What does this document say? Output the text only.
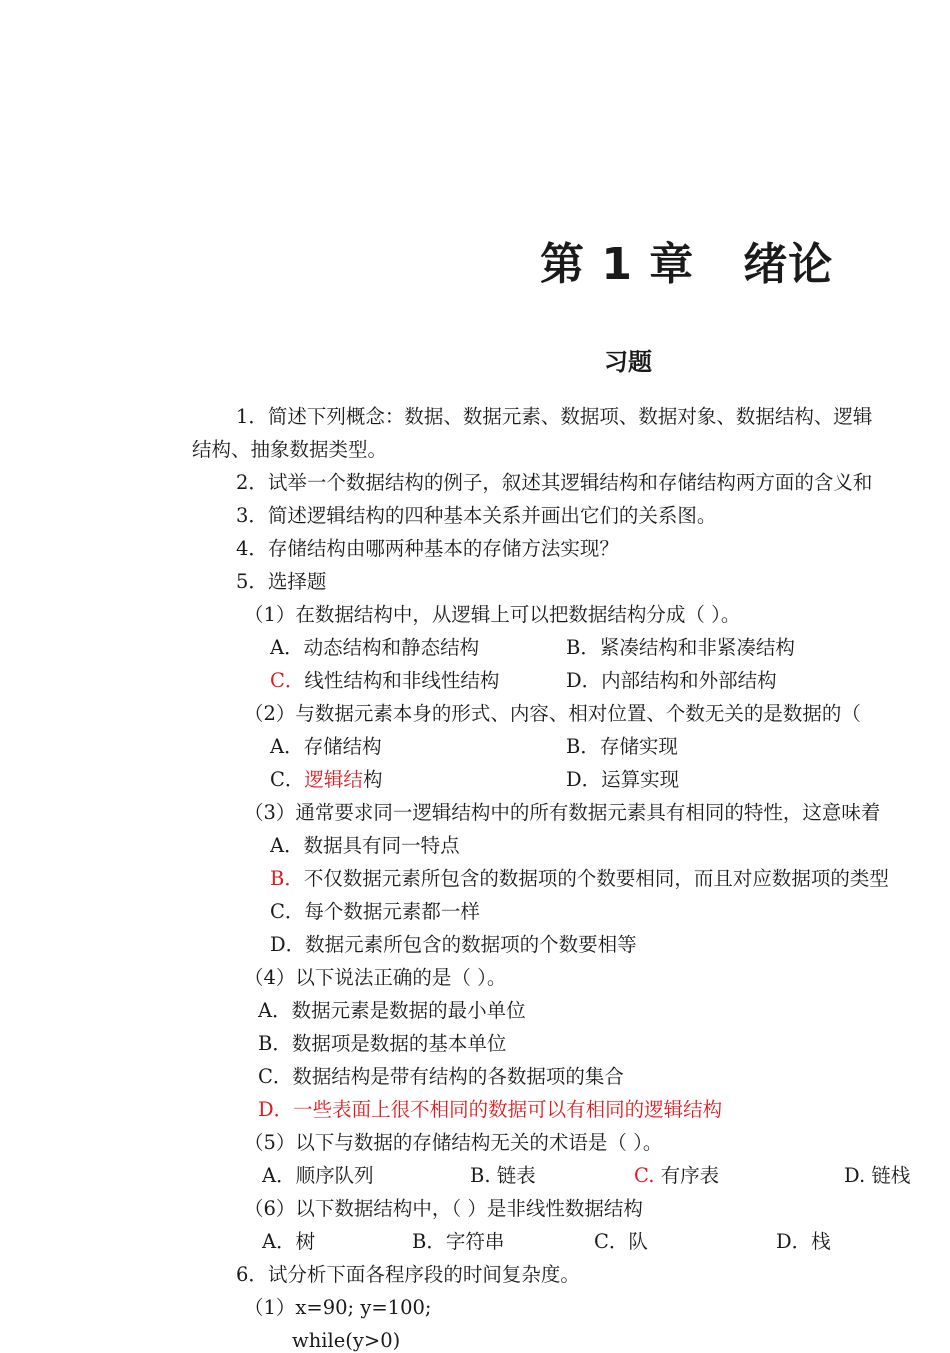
第 1 章   绪论
习题
1．简述下列概念：数据、数据元素、数据项、数据对象、数据结构、逻辑
结构、抽象数据类型。
2．试举一个数据结构的例子，叙述其逻辑结构和存储结构两方面的含义和
3．简述逻辑结构的四种基本关系并画出它们的关系图。
4．存储结构由哪两种基本的存储方法实现？
5．选择题
（1）在数据结构中，从逻辑上可以把数据结构分成（ ）。
A．动态结构和静态结构	B．紧凑结构和非紧凑结构
C．线性结构和非线性结构	D．内部结构和外部结构
（2）与数据元素本身的形式、内容、相对位置、个数无关的是数据的（
A．存储结构	B．存储实现
C．逻辑结构	D．运算实现
（3）通常要求同一逻辑结构中的所有数据元素具有相同的特性，这意味着
A．数据具有同一特点
B．不仅数据元素所包含的数据项的个数要相同，而且对应数据项的类型
C．每个数据元素都一样
D．数据元素所包含的数据项的个数要相等
（4）以下说法正确的是（ ）。
A．数据元素是数据的最小单位
B．数据项是数据的基本单位
C．数据结构是带有结构的各数据项的集合
D．一些表面上很不相同的数据可以有相同的逻辑结构
（5）以下与数据的存储结构无关的术语是（ ）。
A．顺序队列	B. 链表	C. 有序表	D. 链栈
（6）以下数据结构中，（ ）是非线性数据结构
A．树	B．字符串	C．队	D．栈
6．试分析下面各程序段的时间复杂度。
（1）x=90; y=100;
while(y>0)
